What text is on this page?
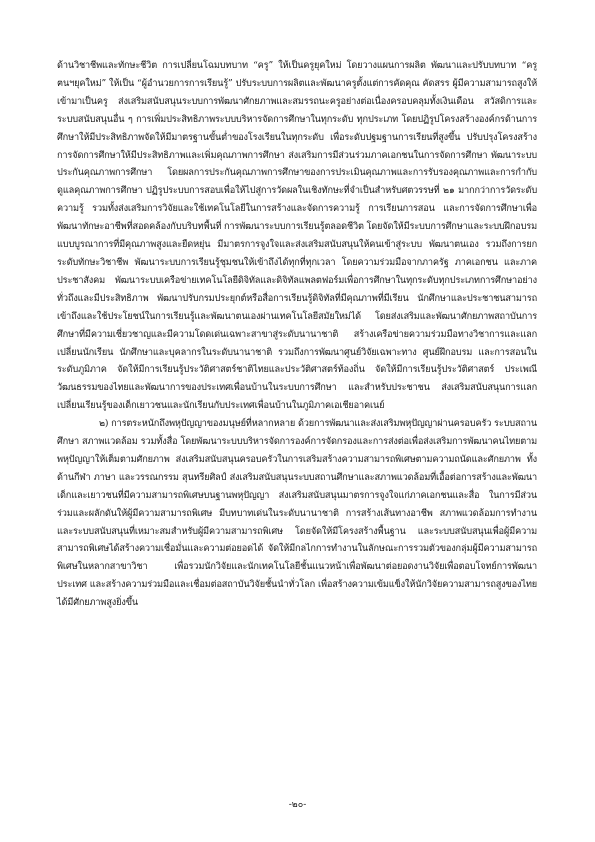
ด้านวิชาชีพและทักษะชีวิต การเปลี่ยนโฉมบทบาท “ครู” ให้เป็นครูยุคใหม่ โดยวางแผนการผลิต พัฒนาและปรับบทบาท “ครู ฅนฯยุคใหม่” ให้เป็น “ผู้อำนวยการการเรียนรู้” ปรับระบบการผลิตและพัฒนาครูตั้งแต่การคัดคุณ คัดสรร ผู้มีความสามารถสูงให้เข้ามาเป็นครู ส่งเสริมสนับสนุนระบบการพัฒนาศักยภาพและสมรรถนะครูอย่างต่อเนื่องครอบคลุมทั้งเงินเดือน สวัสดิการและระบบสนับสนุนอื่น ๆ การเพิ่มประสิทธิภาพระบบบริหารจัดการศึกษาในทุกระดับ ทุกประเภท โดยปฏิรูปโครงสร้างองค์กรด้านการศึกษาให้มีประสิทธิภาพจัดให้มีมาตรฐานขั้นต่ำของโรงเรียนในทุกระดับ เพื่อระดับปฐมฐานการเรียนที่สูงขึ้น ปรับปรุงโครงสร้างการจัดการศึกษาให้มีประสิทธิภาพและเพิ่มคุณภาพการศึกษา ส่งเสริมการมีส่วนร่วมภาคเอกชนในการจัดการศึกษา พัฒนาระบบประกันคุณภาพการศึกษา โดยผลการประกันคุณภาพการศึกษาของการประเมินคุณภาพและการรับรองคุณภาพและการกำกับดูแลคุณภาพการศึกษา ปฏิรูประบบการสอบเพื่อให้ไปสู่การวัดผลในเชิงทักษะที่จำเป็นสำหรับศตวรรษที่ ๒๑ มากกว่าการวัดระดับความรู้ รวมทั้งส่งเสริมการวิจัยและใช้เทคโนโลยีในการสร้างและจัดการความรู้ การเรียนการสอน และการจัดการศึกษาเพื่อพัฒนาทักษะอาชีพที่สอดคล้องกับบริบทพื้นที่ การพัฒนาระบบการเรียนรู้ตลอดชีวิต โดยจัดให้มีระบบการศึกษาและระบบฝึกอบรมแบบบูรณาการที่มีคุณภาพสูงและยืดหยุ่น มีมาตรการจูงใจและส่งเสริมสนับสนุนให้คนเข้าสู่ระบบ พัฒนาตนเอง รวมถึงการยกระดับทักษะวิชาชีพ พัฒนาระบบการเรียนรู้ชุมชนให้เข้าถึงได้ทุกที่ทุกเวลา โดยความร่วมมือจากภาครัฐ ภาคเอกชน และภาคประชาสังคม พัฒนาระบบเครือข่ายเทคโนโลยีดิจิทัลและดิจิทัลแพลตฟอร์มเพื่อการศึกษาในทุกระดับทุกประเภทการศึกษาอย่างทั่วถึงและมีประสิทธิภาพ พัฒนาปรับกรมประยุกต์หรือสื่อการเรียนรู้ดิจิทัลที่มีคุณภาพที่มีเรียน นักศึกษาและประชาชนสามารถเข้าถึงและใช้ประโยชน์ในการเรียนรู้และพัฒนาตนเองผ่านเทคโนโลยีสมัยใหม่ได้ โดยส่งเสริมและพัฒนาศักยภาพสถาบันการศึกษาที่มีความเชี่ยวชาญและมีความโดดเด่นเฉพาะสาขาสู่ระดับนานาชาติ สร้างเครือข่ายความร่วมมือทางวิชาการและแลกเปลี่ยนนักเรียน นักศึกษาและบุคลากรในระดับนานาชาติ รวมถึงการพัฒนาศูนย์วิจัยเฉพาะทาง ศูนย์ฝึกอบรม และการสอนในระดับภูมิภาค จัดให้มีการเรียนรู้ประวัติศาสตร์ชาติไทยและประวัติศาสตร์ท้องถิ่น จัดให้มีการเรียนรู้ประวัติศาสตร์ ประเพณี วัฒนธรรมของไทยและพัฒนาการของประเทศเพื่อนบ้านในระบบการศึกษา และสำหรับประชาชน ส่งเสริมสนับสนุนการแลกเปลี่ยนเรียนรู้ของเด็กเยาวชนและนักเรียนกับประเทศเพื่อนบ้านในภูมิภาคเอเชียอาคเนย์

๒) การตระหนักถึงพหุปัญญาของมนุษย์ที่หลากหลาย ด้วยการพัฒนาและส่งเสริมพหุปัญญาผ่านครอบครัว ระบบสถานศึกษา สภาพแวดล้อม รวมทั้งสื่อ โดยพัฒนาระบบบริหารจัดการองค์การจัดกรองและการส่งต่อเพื่อส่งเสริมการพัฒนาคนไทยตามพหุปัญญาให้เต็มตามศักยภาพ ส่งเสริมสนับสนุนครอบครัวในการเสริมสร้างความสามารถพิเศษตามความถนัดและศักยภาพ ทั้งด้านกีฬา ภาษา และวรรณกรรม สุนทรียศิลป์ ส่งเสริมสนับสนุนระบบสถานศึกษาและสภาพแวดล้อมที่เอื้อต่อการสร้างและพัฒนาเด็กและเยาวชนที่มีความสามารถพิเศษบนฐานพหุปัญญา ส่งเสริมสนับสนุนมาตรการจูงใจแก่ภาคเอกชนและสื่อ ในการมีส่วนร่วมและผลักดันให้ผู้มีความสามารถพิเศษ มีบทบาทเด่นในระดับนานาชาติ การสร้างเส้นทางอาชีพ สภาพแวดล้อมการทำงาน และระบบสนับสนุนที่เหมาะสมสำหรับผู้มีความสามารถพิเศษ โดยจัดให้มีโครงสร้างพื้นฐาน และระบบสนับสนุนเพื่อผู้มีความสามารถพิเศษได้สร้างความเชื่อมั่นและความต่อยอดได้ จัดให้มีกลไกการทำงานในลักษณะการรวมตัวของกลุ่มผู้มีความสามารถพิเศษในหลากสาขาวิชา เพื่อรวมนักวิจัยและนักเทคโนโลยีชั้นแนวหน้าเพื่อพัฒนาต่อยอดงานวิจัยเพื่อตอบโจทย์การพัฒนาประเทศ และสร้างความร่วมมือและเชื่อมต่อสถาบันวิจัยชั้นนำทั่วโลก เพื่อสร้างความเข้มแข็งให้นักวิจัยความสามารถสูงของไทยได้มีศักยภาพสูงยิ่งขึ้น

-๒๐-
